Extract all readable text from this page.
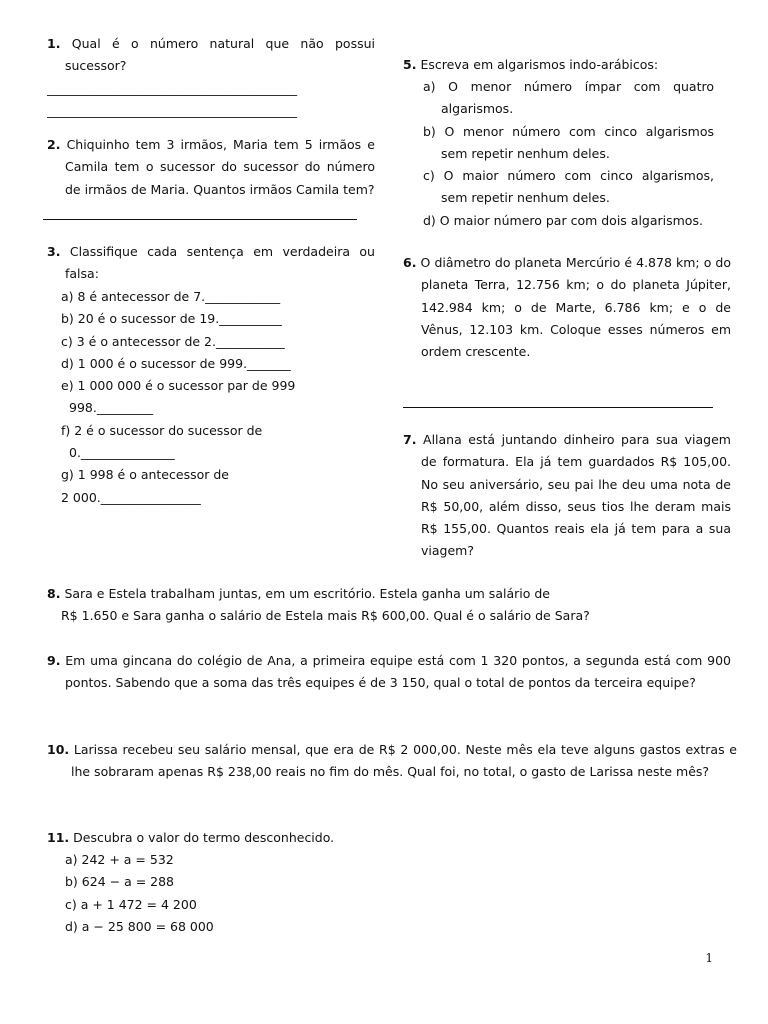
1. Qual é o número natural que não possui sucessor?
________________________________________
________________________________________
2. Chiquinho tem 3 irmãos, Maria tem 5 irmãos e Camila tem o sucessor do sucessor do número de irmãos de Maria. Quantos irmãos Camila tem?
3. Classifique cada sentença em verdadeira ou falsa:
a) 8 é antecessor de 7.____________
b) 20 é o sucessor de 19.__________
c) 3 é o antecessor de 2.___________
d) 1 000 é o sucessor de 999._______
e) 1 000 000 é o sucessor par de 999
998._________
f) 2 é o sucessor do sucessor de
0._______________
g) 1 998 é o antecessor de
2 000.________________
5. Escreva em algarismos indo-arábicos:
a) O menor número ímpar com quatro algarismos.
b) O menor número com cinco algarismos sem repetir nenhum deles.
c) O maior número com cinco algarismos, sem repetir nenhum deles.
d) O maior número par com dois algarismos.
6. O diâmetro do planeta Mercúrio é 4.878 km; o do planeta Terra, 12.756 km; o do planeta Júpiter, 142.984 km; o de Marte, 6.786 km; e o de Vênus, 12.103 km. Coloque esses números em ordem crescente.
7. Allana está juntando dinheiro para sua viagem de formatura. Ela já tem guardados R$ 105,00. No seu aniversário, seu pai lhe deu uma nota de R$ 50,00, além disso, seus tios lhe deram mais R$ 155,00. Quantos reais ela já tem para a sua viagem?
8. Sara e Estela trabalham juntas, em um escritório. Estela ganha um salário de
R$ 1.650 e Sara ganha o salário de Estela mais R$ 600,00. Qual é o salário de Sara?
9. Em uma gincana do colégio de Ana, a primeira equipe está com 1 320 pontos, a segunda está com 900 pontos. Sabendo que a soma das três equipes é de 3 150, qual o total de pontos da terceira equipe?
10. Larissa recebeu seu salário mensal, que era de R$ 2 000,00. Neste mês ela teve alguns gastos extras e lhe sobraram apenas R$ 238,00 reais no fim do mês. Qual foi, no total, o gasto de Larissa neste mês?
11. Descubra o valor do termo desconhecido.
a) 242 + a = 532
b) 624 − a = 288
c) a + 1 472 = 4 200
d) a − 25 800 = 68 000
1
